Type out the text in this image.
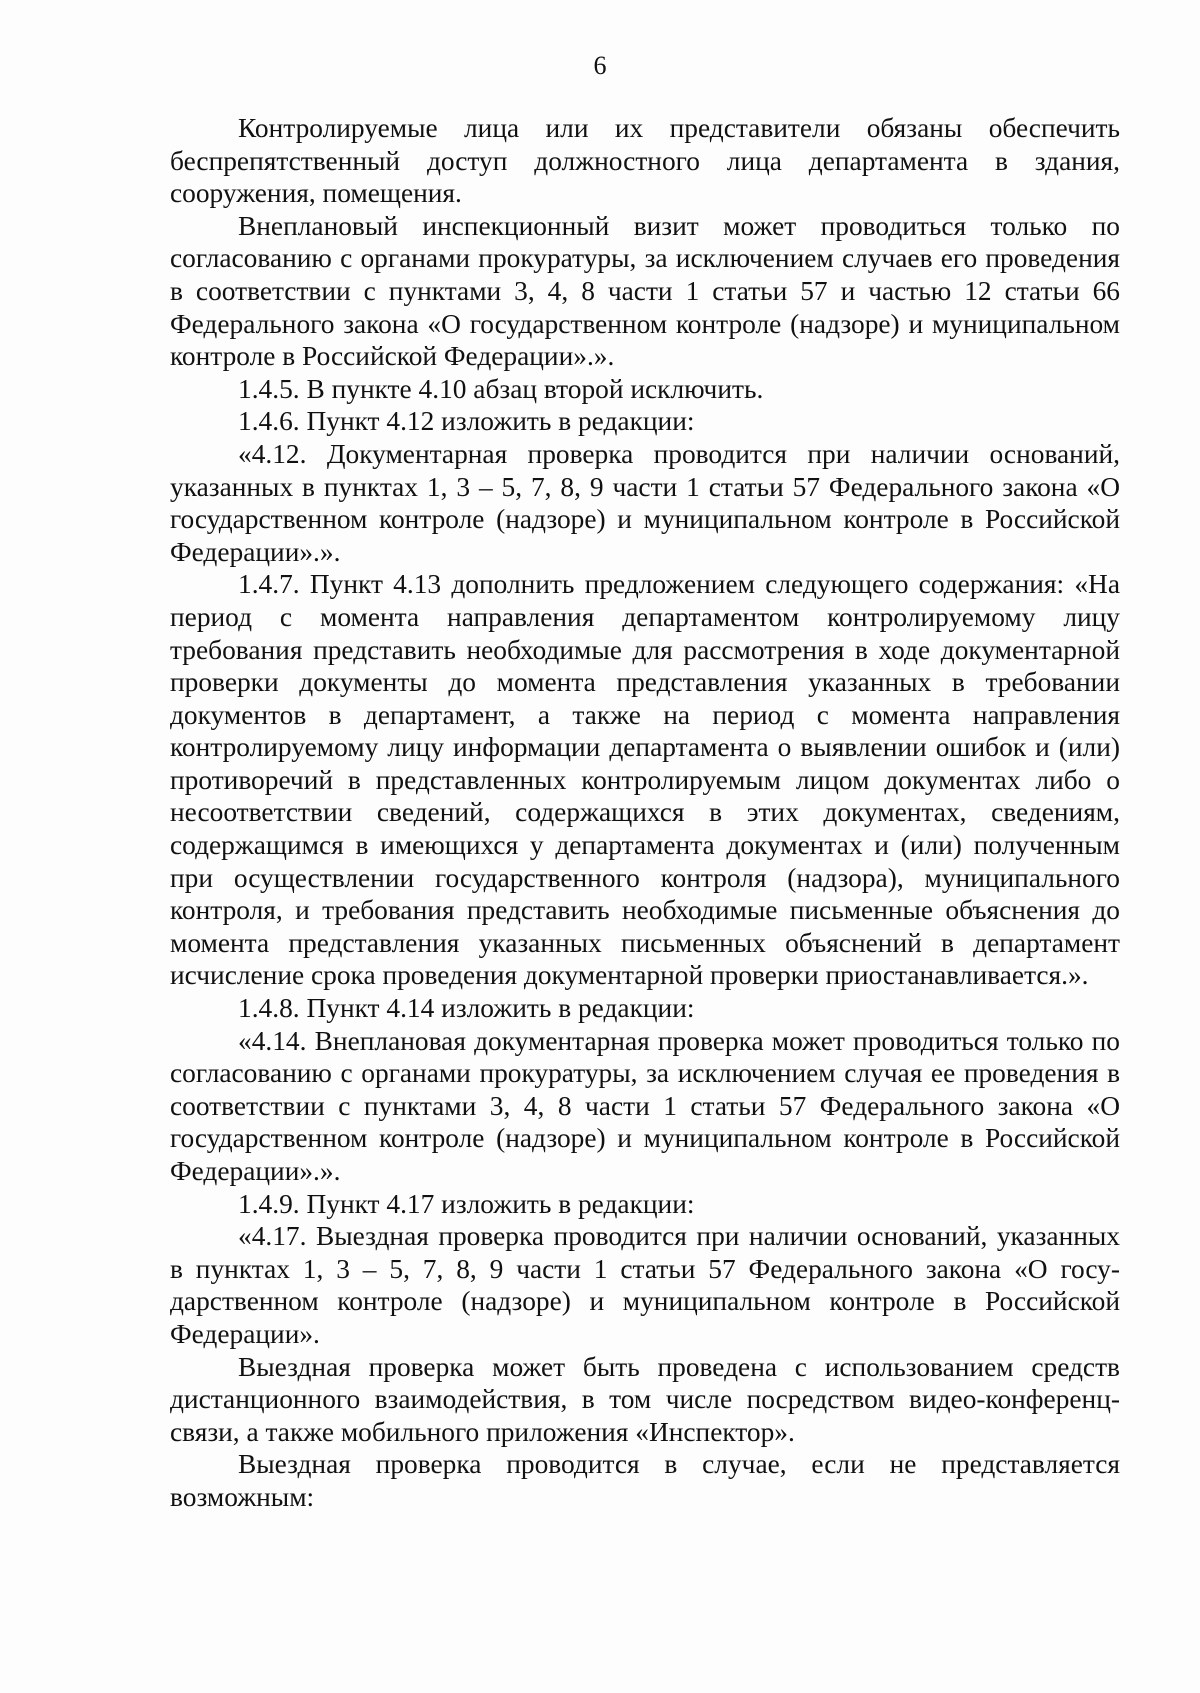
6

Контролируемые лица или их представители обязаны обеспечить беспрепятственный доступ должностного лица департамента в здания, сооружения, помещения.

Внеплановый инспекционный визит может проводиться только по согласованию с органами прокуратуры, за исключением случаев его проведения в соответствии с пунктами 3, 4, 8 части 1 статьи 57 и частью 12 статьи 66 Федерального закона «О государственном контроле (надзоре) и муниципальном контроле в Российской Федерации».».

1.4.5. В пункте 4.10 абзац второй исключить.

1.4.6. Пункт 4.12 изложить в редакции:

«4.12. Документарная проверка проводится при наличии оснований, указанных в пунктах 1, 3 – 5, 7, 8, 9 части 1 статьи 57 Федерального закона «О государственном контроле (надзоре) и муниципальном контроле в Российской Федерации».».

1.4.7. Пункт 4.13 дополнить предложением следующего содержания: «На период с момента направления департаментом контролируемому лицу требования представить необходимые для рассмотрения в ходе документарной проверки документы до момента представления указанных в требовании документов в департамент, а также на период с момента направления контролируемому лицу информации департамента о выявлении ошибок и (или) противоречий в представленных контролируемым лицом документах либо о несоответствии сведений, содержащихся в этих документах, сведениям, содержащимся в имеющихся у департамента документах и (или) полученным при осуществлении государственного контроля (надзора), муниципального контроля, и требования представить необходимые письменные объяснения до момента представления указанных письменных объяснений в департамент исчисление срока проведения документарной проверки приостанавливается.».

1.4.8. Пункт 4.14 изложить в редакции:

«4.14. Внеплановая документарная проверка может проводиться только по согласованию с органами прокуратуры, за исключением случая ее проведения в соответствии с пунктами 3, 4, 8 части 1 статьи 57 Федерального закона «О государственном контроле (надзоре) и муниципальном контроле в Российской Федерации».».

1.4.9. Пункт 4.17 изложить в редакции:

«4.17. Выездная проверка проводится при наличии оснований, указанных в пунктах 1, 3 – 5, 7, 8, 9 части 1 статьи 57 Федерального закона «О государственном контроле (надзоре) и муниципальном контроле в Российской Федерации».

Выездная проверка может быть проведена с использованием средств дистанционного взаимодействия, в том числе посредством видео-конференцсвязи, а также мобильного приложения «Инспектор».

Выездная проверка проводится в случае, если не представляется возможным:
